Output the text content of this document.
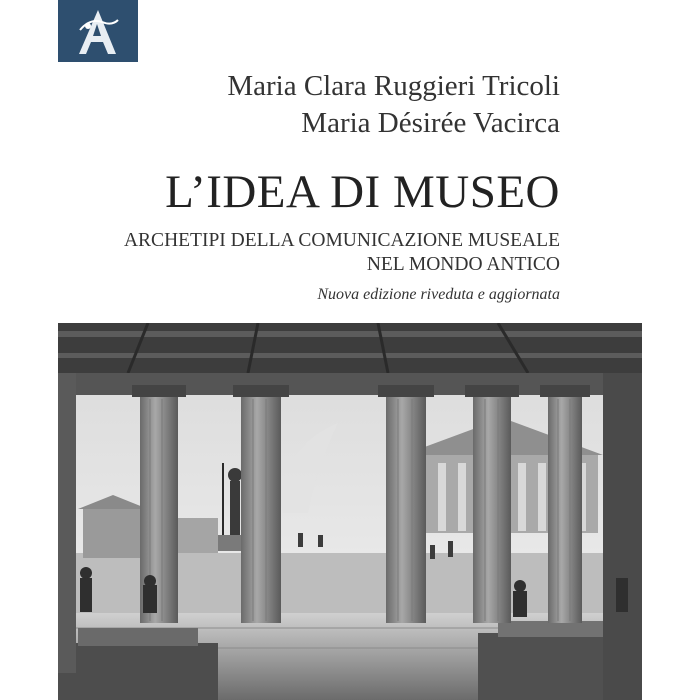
Maria Clara Ruggieri Tricoli
Maria Désirée Vacirca
L’IDEA DI MUSEO
ARCHETIPI DELLA COMUNICAZIONE MUSEALE
NEL MONDO ANTICO
Nuova edizione riveduta e aggiornata
